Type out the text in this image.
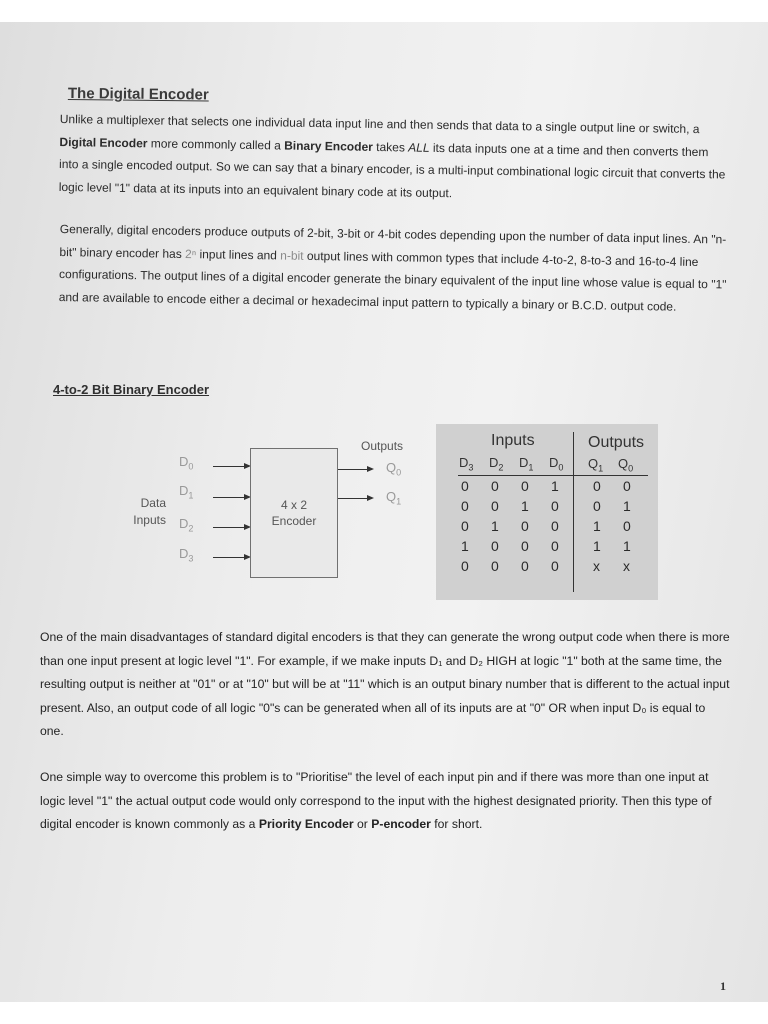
The Digital Encoder
Unlike a multiplexer that selects one individual data input line and then sends that data to a single output line or switch, a Digital Encoder more commonly called a Binary Encoder takes ALL its data inputs one at a time and then converts them into a single encoded output. So we can say that a binary encoder, is a multi-input combinational logic circuit that converts the logic level "1" data at its inputs into an equivalent binary code at its output.
Generally, digital encoders produce outputs of 2-bit, 3-bit or 4-bit codes depending upon the number of data input lines. An "n-bit" binary encoder has 2ⁿ input lines and n-bit output lines with common types that include 4-to-2, 8-to-3 and 16-to-4 line configurations. The output lines of a digital encoder generate the binary equivalent of the input line whose value is equal to "1" and are available to encode either a decimal or hexadecimal input pattern to typically a binary or B.C.D. output code.
4-to-2 Bit Binary Encoder
Data
Inputs
$D_0$
$D_1$
$D_2$
$D_3$
4 x 2
Encoder
Outputs
$Q_0$
$Q_1$
Inputs	Outputs
$D_3$ $D_2$ $D_1$ $D_0$ $Q_1$ $Q_0$
0 0 0 1 0 0
0 0 1 0 0 1
0 1 0 0 1 0
1 0 0 0 1 1
0 0 0 0 x x
One of the main disadvantages of standard digital encoders is that they can generate the wrong output code when there is more than one input present at logic level "1". For example, if we make inputs D₁ and D₂ HIGH at logic "1" both at the same time, the resulting output is neither at "01" or at "10" but will be at "11" which is an output binary number that is different to the actual input present. Also, an output code of all logic "0"s can be generated when all of its inputs are at "0" OR when input D₀ is equal to one.
One simple way to overcome this problem is to "Prioritise" the level of each input pin and if there was more than one input at logic level "1" the actual output code would only correspond to the input with the highest designated priority. Then this type of digital encoder is known commonly as a Priority Encoder or P-encoder for short.
1
